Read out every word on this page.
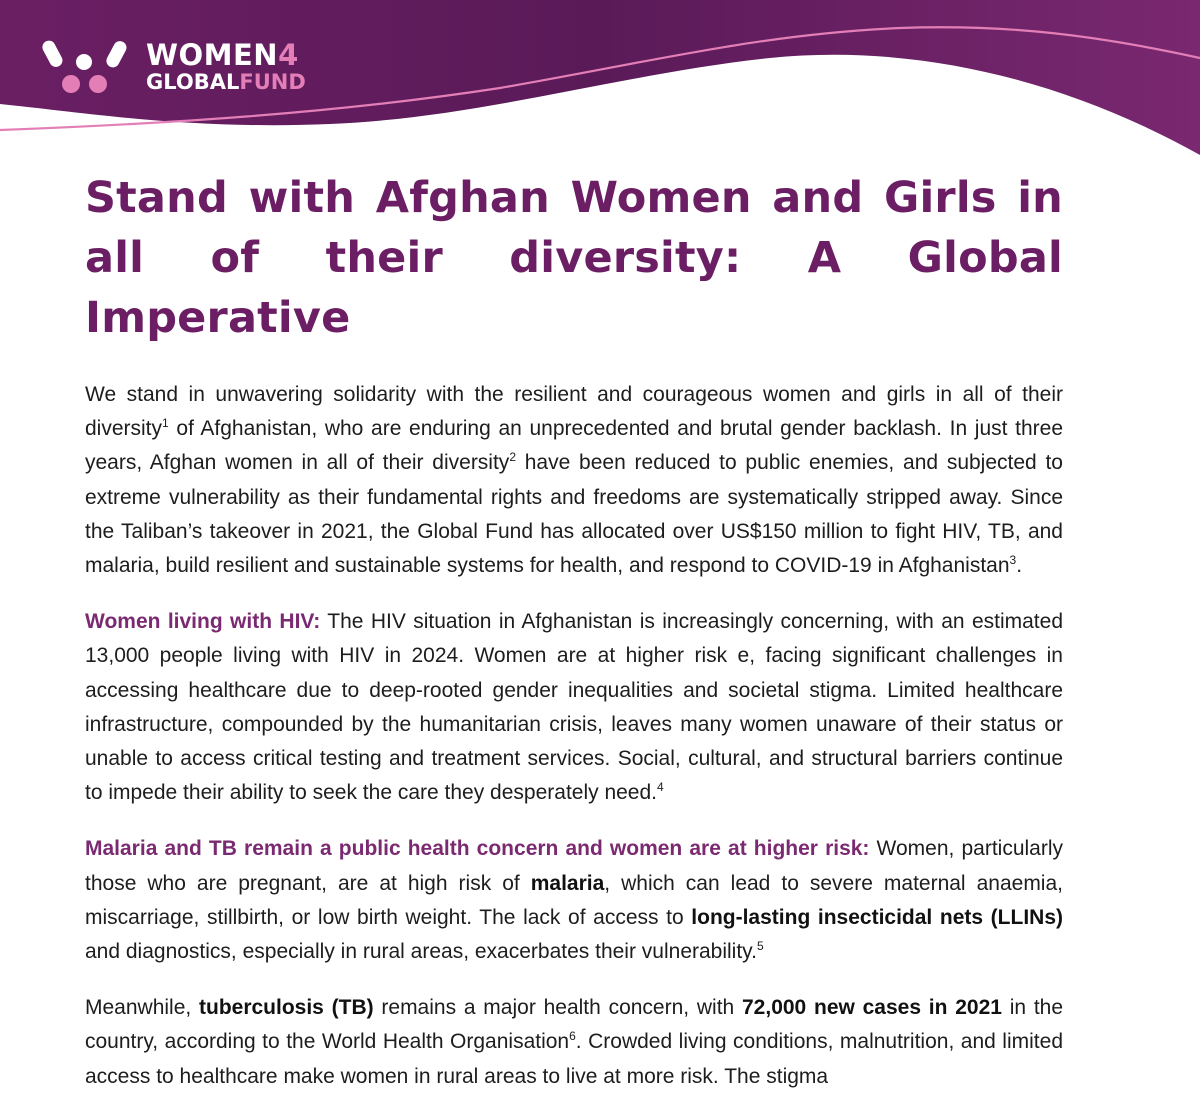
WOMEN4
GLOBALFUND
Stand with Afghan Women and Girls in all of their diversity: A Global Imperative

We stand in unwavering solidarity with the resilient and courageous women and girls in all of their diversity$^1$ of Afghanistan, who are enduring an unprecedented and brutal gender backlash. In just three years, Afghan women in all of their diversity$^2$ have been reduced to public enemies, and subjected to extreme vulnerability as their fundamental rights and freedoms are systematically stripped away. Since the Taliban’s takeover in 2021, the Global Fund has allocated over US$150 million to fight HIV, TB, and malaria, build resilient and sustainable systems for health, and respond to COVID-19 in Afghanistan$^3$.

Women living with HIV: The HIV situation in Afghanistan is increasingly concerning, with an estimated 13,000 people living with HIV in 2024. Women are at higher risk e, facing significant challenges in accessing healthcare due to deep-rooted gender inequalities and societal stigma. Limited healthcare infrastructure, compounded by the humanitarian crisis, leaves many women unaware of their status or unable to access critical testing and treatment services. Social, cultural, and structural barriers continue to impede their ability to seek the care they desperately need.$^4$

Malaria and TB remain a public health concern and women are at higher risk: Women, particularly those who are pregnant, are at high risk of malaria, which can lead to severe maternal anaemia, miscarriage, stillbirth, or low birth weight. The lack of access to long-lasting insecticidal nets (LLINs) and diagnostics, especially in rural areas, exacerbates their vulnerability.$^5$

Meanwhile, tuberculosis (TB) remains a major health concern, with 72,000 new cases in 2021 in the country, according to the World Health Organisation$^6$. Crowded living conditions, malnutrition, and limited access to healthcare make women in rural areas to live at more risk. The stigma
